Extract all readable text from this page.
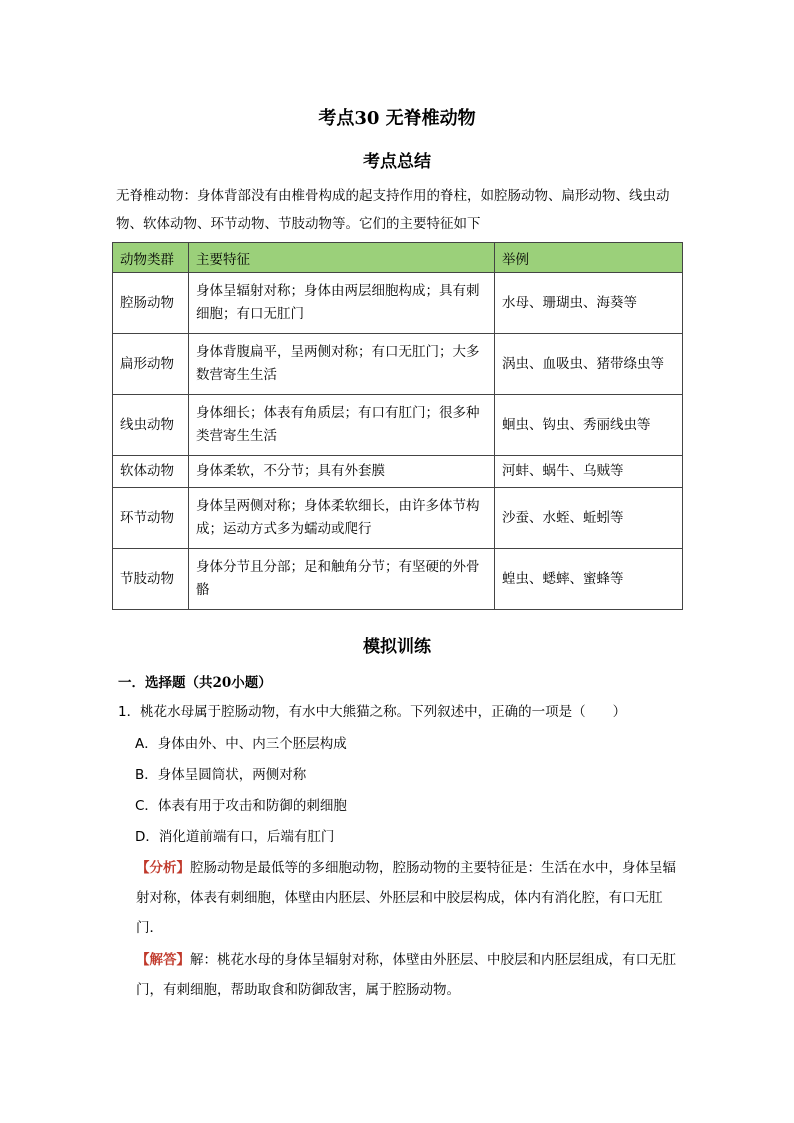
考点30 无脊椎动物
考点总结
无脊椎动物：身体背部没有由椎骨构成的起支持作用的脊柱，如腔肠动物、扁形动物、线虫动物、软体动物、环节动物、节肢动物等。它们的主要特征如下
动物类群	主要特征	举例
腔肠动物	身体呈辐射对称；身体由两层细胞构成；具有刺细胞；有口无肛门	水母、珊瑚虫、海葵等
扁形动物	身体背腹扁平，呈两侧对称；有口无肛门；大多数营寄生生活	涡虫、血吸虫、猪带绦虫等
线虫动物	身体细长；体表有角质层；有口有肛门；很多种类营寄生生活	蛔虫、钩虫、秀丽线虫等
软体动物	身体柔软，不分节；具有外套膜	河蚌、蜗牛、乌贼等
环节动物	身体呈两侧对称；身体柔软细长，由许多体节构成；运动方式多为蠕动或爬行	沙蚕、水蛭、蚯蚓等
节肢动物	身体分节且分部；足和触角分节；有坚硬的外骨骼	蝗虫、蟋蟀、蜜蜂等
模拟训练
一．选择题（共20小题）
1．桃花水母属于腔肠动物，有水中大熊猫之称。下列叙述中，正确的一项是（　　）
A．身体由外、中、内三个胚层构成
B．身体呈圆筒状，两侧对称
C．体表有用于攻击和防御的刺细胞
D．消化道前端有口，后端有肛门
【分析】腔肠动物是最低等的多细胞动物，腔肠动物的主要特征是：生活在水中，身体呈辐射对称，体表有刺细胞，体壁由内胚层、外胚层和中胶层构成，体内有消化腔，有口无肛门．
【解答】解：桃花水母的身体呈辐射对称，体壁由外胚层、中胶层和内胚层组成，有口无肛门，有刺细胞，帮助取食和防御敌害，属于腔肠动物。
